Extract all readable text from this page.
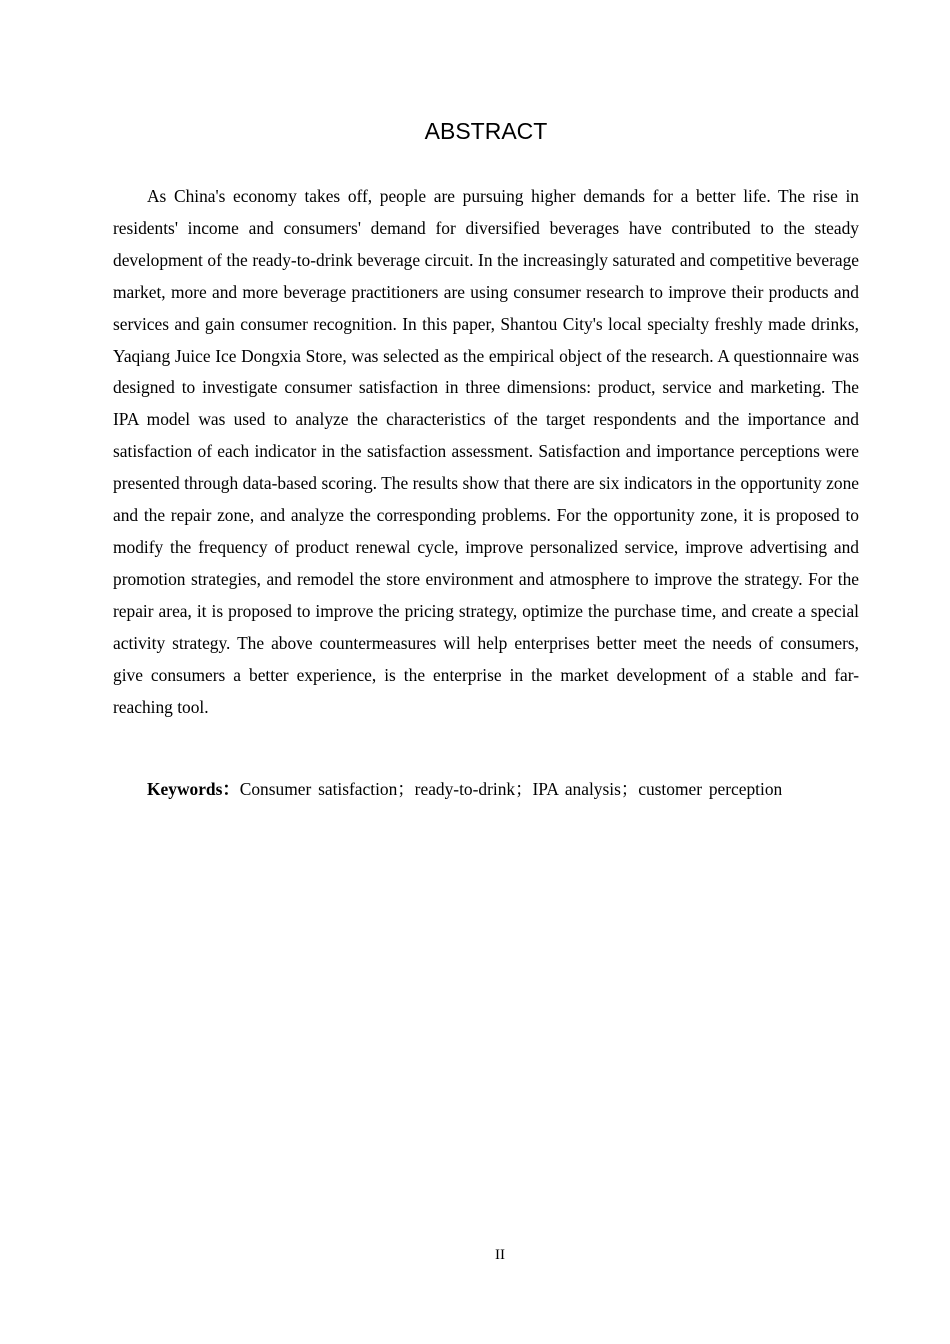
ABSTRACT

As China's economy takes off, people are pursuing higher demands for a better life. The rise in residents' income and consumers' demand for diversified beverages have contributed to the steady development of the ready-to-drink beverage circuit. In the increasingly saturated and competitive beverage market, more and more beverage practitioners are using consumer research to improve their products and services and gain consumer recognition. In this paper, Shantou City's local specialty freshly made drinks, Yaqiang Juice Ice Dongxia Store, was selected as the empirical object of the research. A questionnaire was designed to investigate consumer satisfaction in three dimensions: product, service and marketing. The IPA model was used to analyze the characteristics of the target respondents and the importance and satisfaction of each indicator in the satisfaction assessment. Satisfaction and importance perceptions were presented through data-based scoring. The results show that there are six indicators in the opportunity zone and the repair zone, and analyze the corresponding problems. For the opportunity zone, it is proposed to modify the frequency of product renewal cycle, improve personalized service, improve advertising and promotion strategies, and remodel the store environment and atmosphere to improve the strategy. For the repair area, it is proposed to improve the pricing strategy, optimize the purchase time, and create a special activity strategy. The above countermeasures will help enterprises better meet the needs of consumers, give consumers a better experience, is the enterprise in the market development of a stable and far-reaching tool.

Keywords：Consumer satisfaction；ready-to-drink；IPA analysis；customer perception

II
